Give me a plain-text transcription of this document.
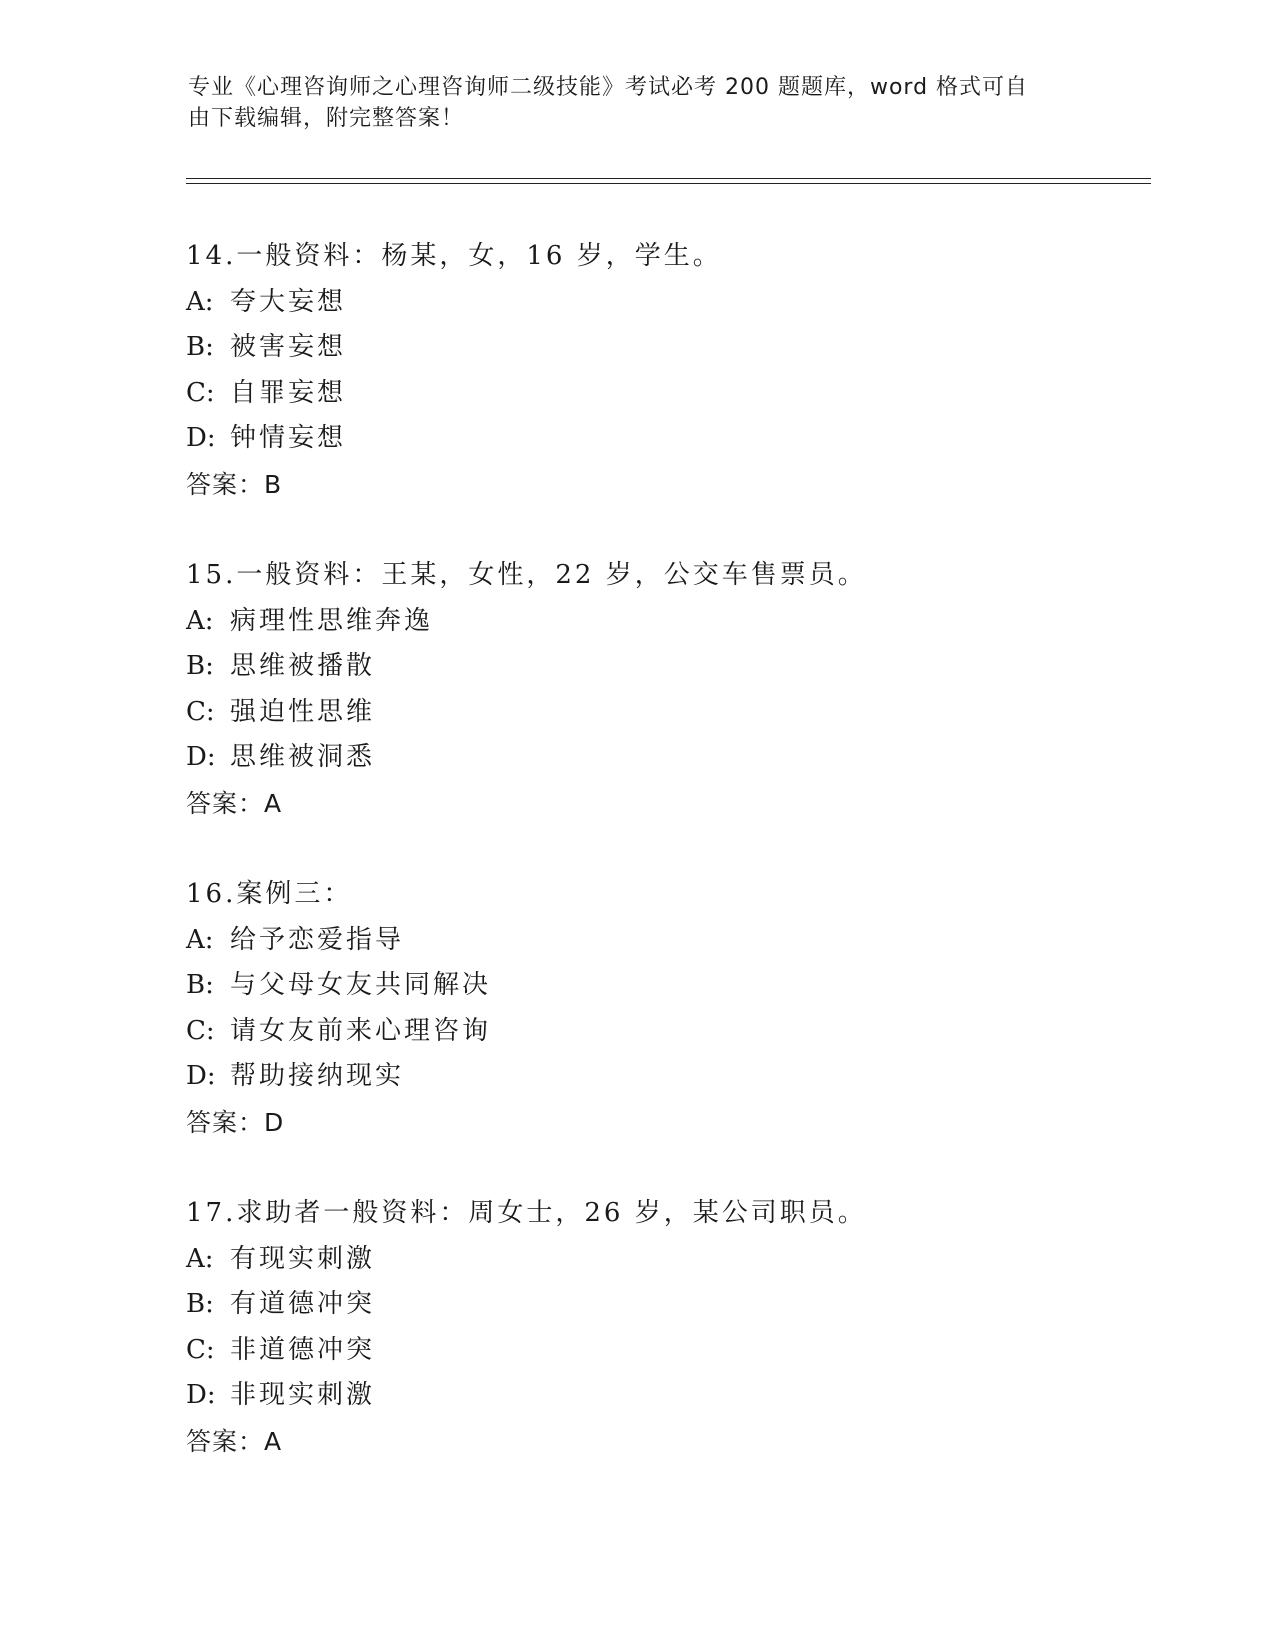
专业《心理咨询师之心理咨询师二级技能》考试必考 200 题题库，word 格式可自
由下载编辑，附完整答案！
14.一般资料：杨某，女，16 岁，学生。
A: 夸大妄想
B: 被害妄想
C: 自罪妄想
D: 钟情妄想
答案：B
15.一般资料：王某，女性，22 岁，公交车售票员。
A: 病理性思维奔逸
B: 思维被播散
C: 强迫性思维
D: 思维被洞悉
答案：A
16.案例三：
A: 给予恋爱指导
B: 与父母女友共同解决
C: 请女友前来心理咨询
D: 帮助接纳现实
答案：D
17.求助者一般资料：周女士，26 岁，某公司职员。
A: 有现实刺激
B: 有道德冲突
C: 非道德冲突
D: 非现实刺激
答案：A
